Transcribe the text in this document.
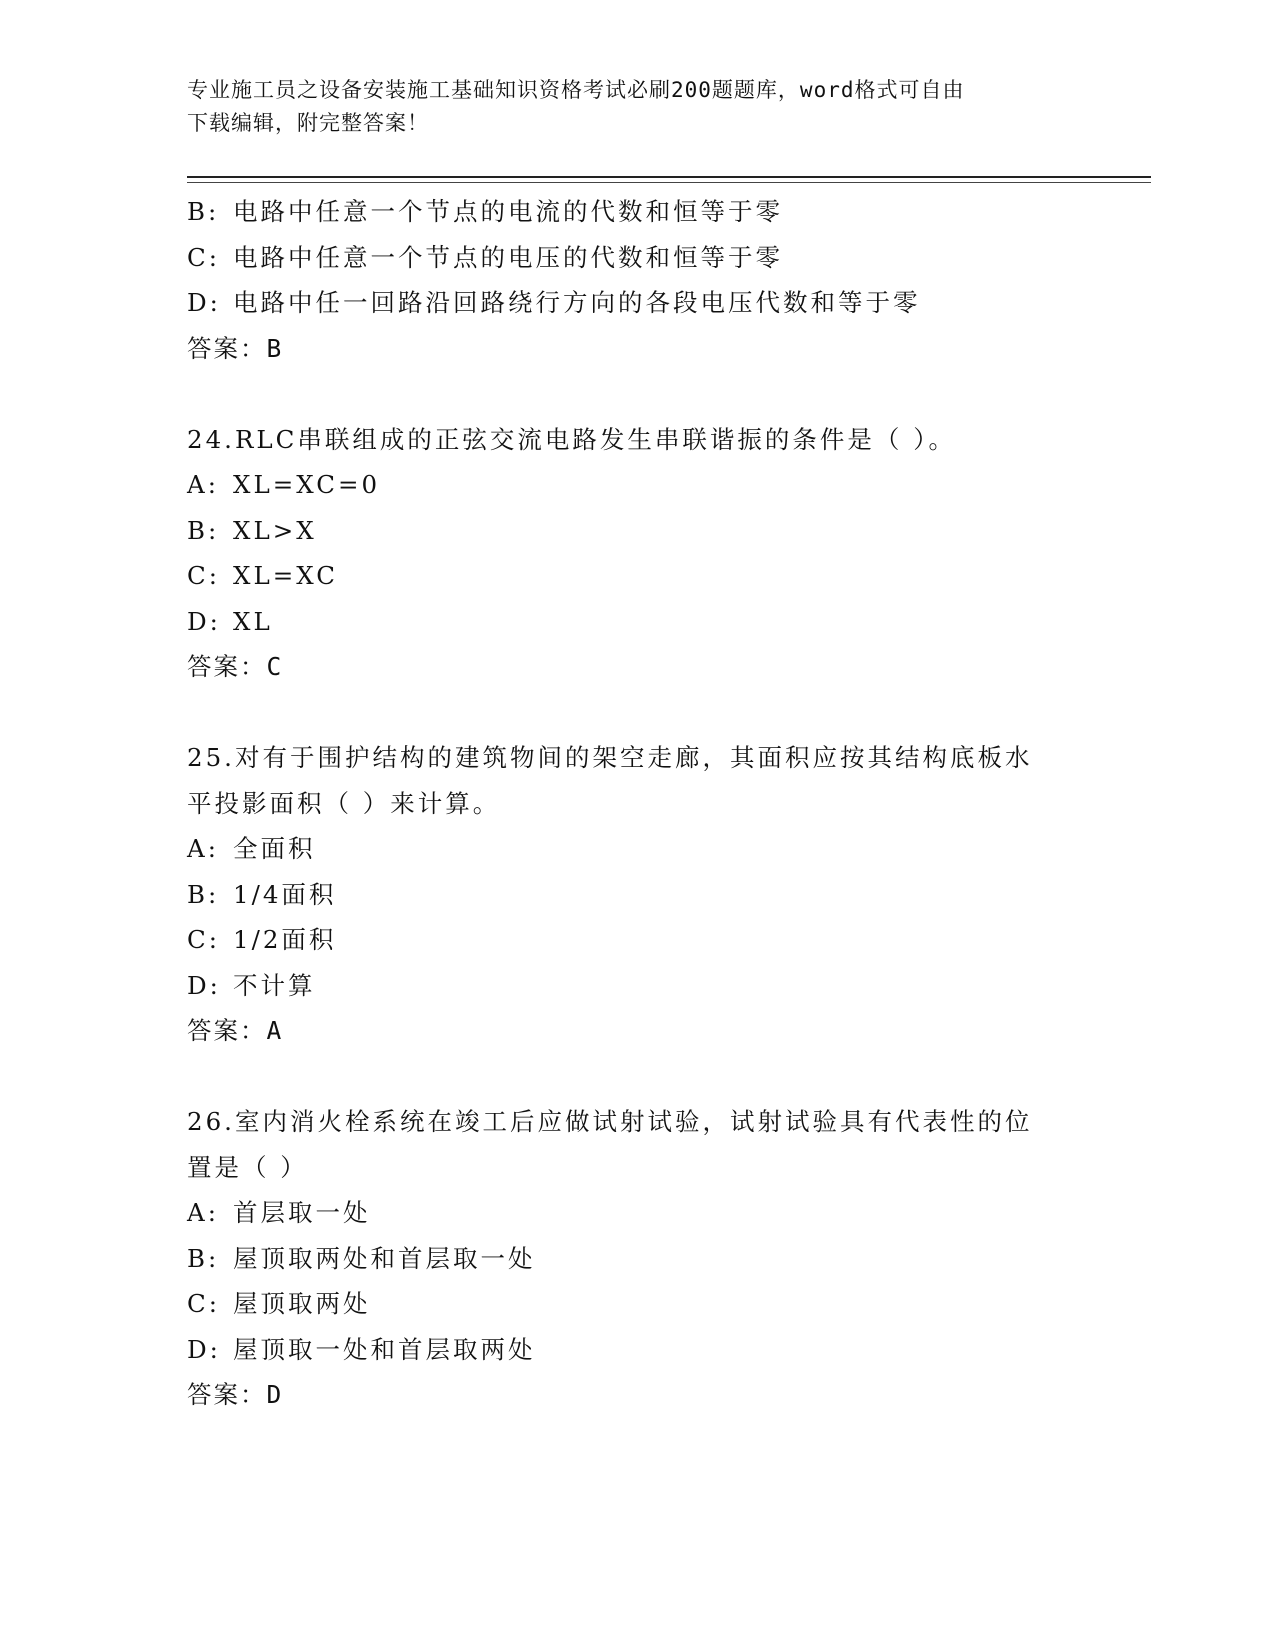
专业施工员之设备安装施工基础知识资格考试必刷200题题库，word格式可自由
下载编辑，附完整答案！
B: 电路中任意一个节点的电流的代数和恒等于零
C: 电路中任意一个节点的电压的代数和恒等于零
D: 电路中任一回路沿回路绕行方向的各段电压代数和等于零
答案：B
24.RLC串联组成的正弦交流电路发生串联谐振的条件是（ ）。
A: XL=XC=0
B: XL>X
C: XL=XC
D: XL
答案：C
25.对有于围护结构的建筑物间的架空走廊，其面积应按其结构底板水
平投影面积（ ）来计算。
A: 全面积
B: 1/4面积
C: 1/2面积
D: 不计算
答案：A
26.室内消火栓系统在竣工后应做试射试验，试射试验具有代表性的位
置是（ ）
A: 首层取一处
B: 屋顶取两处和首层取一处
C: 屋顶取两处
D: 屋顶取一处和首层取两处
答案：D
